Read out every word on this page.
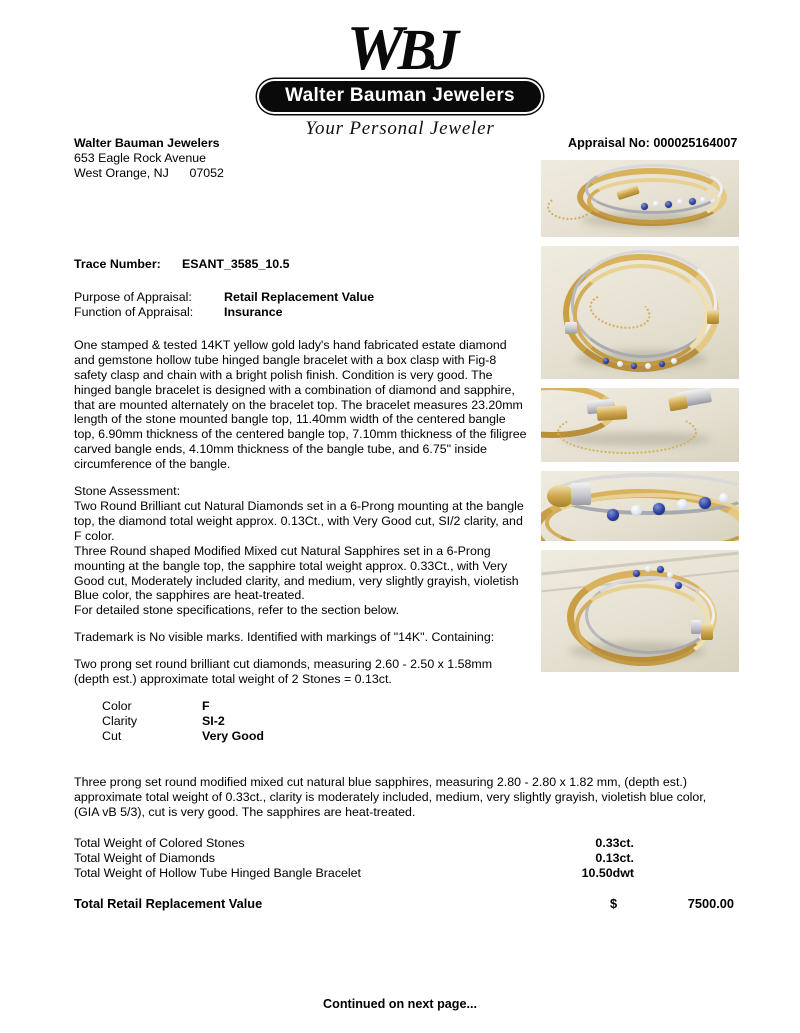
WBJ
Walter Bauman Jewelers
Your Personal Jeweler
Appraisal No: 000025164007
Walter Bauman Jewelers
653 Eagle Rock Avenue
West Orange, NJ      07052
Trace Number:	ESANT_3585_10.5
Purpose of Appraisal:	Retail Replacement Value
Function of Appraisal:	Insurance

One stamped & tested 14KT yellow gold lady's hand fabricated estate diamond and gemstone hollow tube hinged bangle bracelet with a box clasp with Fig-8 safety clasp and chain with a bright polish finish. Condition is very good. The hinged bangle bracelet is designed with a combination of diamond and sapphire, that are mounted alternately on the bracelet top. The bracelet measures 23.20mm length of the stone mounted bangle top, 11.40mm width of the centered bangle top, 6.90mm thickness of the centered bangle top, 7.10mm thickness of the filigree carved bangle ends, 4.10mm thickness of the bangle tube, and 6.75" inside circumference of the bangle.

Stone Assessment:

Two Round Brilliant cut Natural Diamonds set in a 6-Prong mounting at the bangle top, the diamond total weight approx. 0.13Ct., with Very Good cut, SI/2 clarity, and F color.

Three Round shaped Modified Mixed cut Natural Sapphires set in a 6-Prong mounting at the bangle top, the sapphire total weight approx. 0.33Ct., with Very Good cut, Moderately included clarity, and medium, very slightly grayish, violetish Blue color, the sapphires are heat-treated.

For detailed stone specifications, refer to the section below.

Trademark is No visible marks. Identified with markings of "14K". Containing:

Two prong set round brilliant cut diamonds, measuring 2.60 - 2.50 x 1.58mm (depth est.) approximate total weight of 2 Stones = 0.13ct.

Color	F
Clarity	SI-2
Cut	Very Good

Three prong set round modified mixed cut natural blue sapphires, measuring 2.80 - 2.80 x 1.82 mm, (depth est.) approximate total weight of 0.33ct., clarity is moderately included, medium, very slightly grayish, violetish blue color, (GIA vB 5/3), cut is very good. The sapphires are heat-treated.

Total Weight of Colored Stones	0.33ct.
Total Weight of Diamonds	0.13ct.
Total Weight of Hollow Tube Hinged Bangle Bracelet	10.50dwt
Total Retail Replacement Value	$	7500.00
Continued on next page...
